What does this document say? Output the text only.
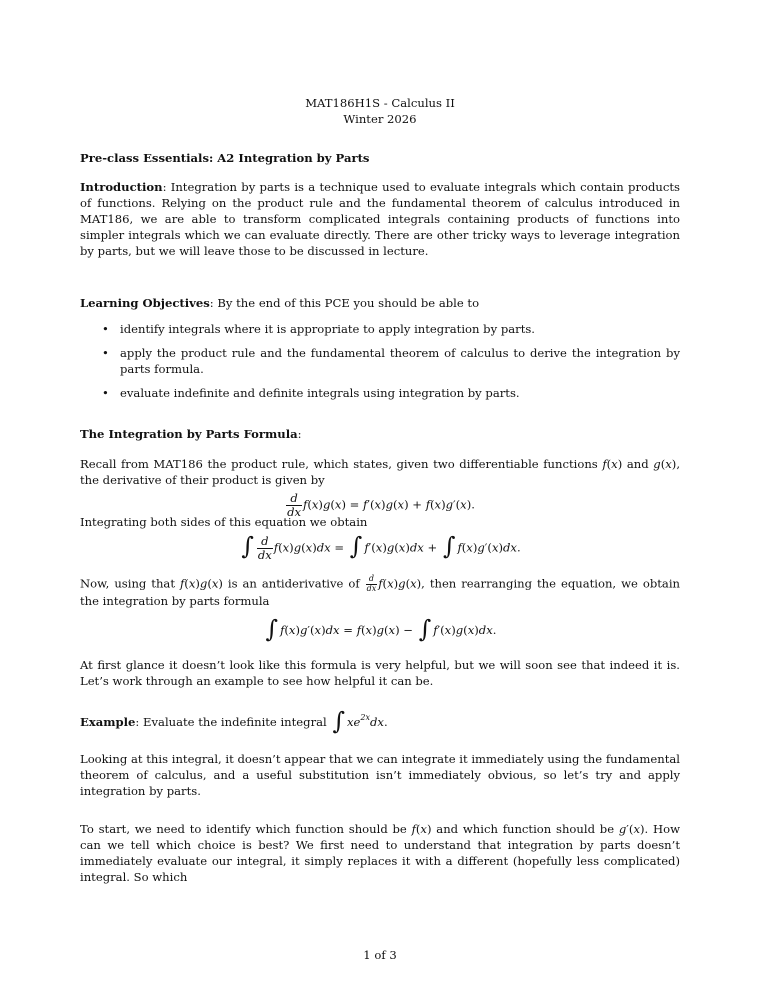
MAT186H1S - Calculus II
Winter 2026
Pre-class Essentials: A2 Integration by Parts
Introduction: Integration by parts is a technique used to evaluate integrals which contain products of functions. Relying on the product rule and the fundamental theorem of calculus introduced in MAT186, we are able to transform complicated integrals containing products of functions into simpler integrals which we can evaluate directly. There are other tricky ways to leverage integration by parts, but we will leave those to be discussed in lecture.
Learning Objectives: By the end of this PCE you should be able to
• identify integrals where it is appropriate to apply integration by parts.
The Integration by Parts Formula:
Recall from MAT186 the product rule, which states, given two differentiable functions f(x) and g(x), the derivative of their product is given by
$\frac{d}{dx} f(x)g(x) = f'(x)g(x) + f(x)g'(x)$.
Integrating both sides of this equation we obtain
∫ $\frac{d}{dx} f(x)g(x)dx$ = ∫ f′(x)g(x)dx + ∫ f(x)g′(x)dx.
Now, using that f(x)g(x) is an antiderivative of $\frac{d}{dx} f(x)g(x)$, then rearranging the equation, we obtain the integration by parts formula
∫ f(x)g′(x)dx = f(x)g(x) − ∫ f′(x)g(x)dx.
At first glance it doesn’t look like this formula is very helpful, but we will soon see that indeed it is. Let’s work through an example to see how helpful it can be.
Example: Evaluate the indefinite integral ∫ $xe^{2x}dx$.
Looking at this integral, it doesn’t appear that we can integrate it immediately using the fundamental theorem of calculus, and a useful substitution isn’t immediately obvious, so let’s try and apply integration by parts.
To start, we need to identify which function should be f(x) and which function should be g′(x). How can we tell which choice is best? We first need to understand that integration by parts doesn’t immediately evaluate our integral, it simply replaces it with a different (hopefully less complicated) integral. So which
1 of 3
• apply the product rule and the fundamental theorem of calculus to derive the integration by parts formula.
• evaluate indefinite and definite integrals using integration by parts.
